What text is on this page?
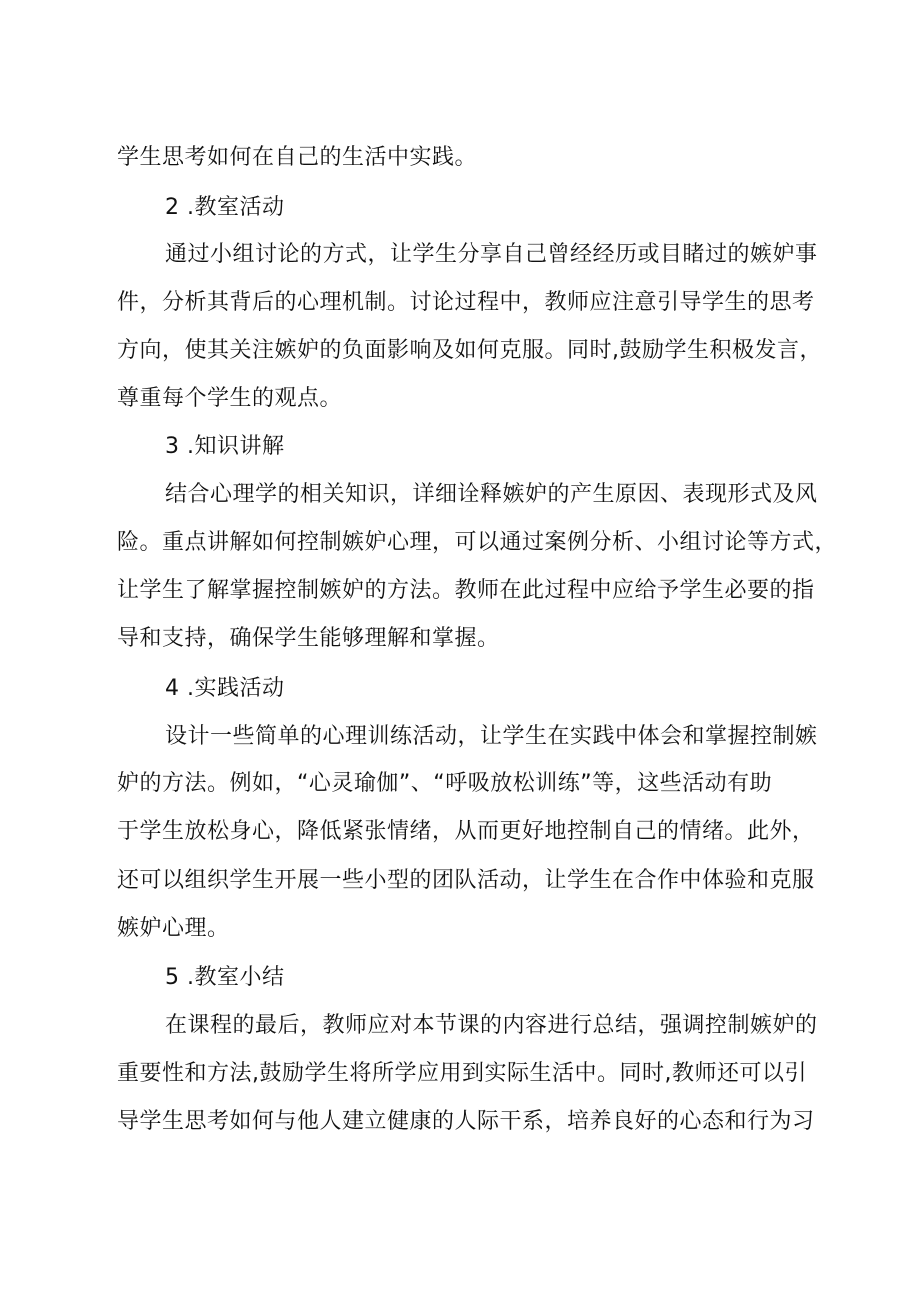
学生思考如何在自己的生活中实践。
2 .教室活动
通过小组讨论的方式，让学生分享自己曾经经历或目睹过的嫉妒事
件，分析其背后的心理机制。讨论过程中，教师应注意引导学生的思考
方向，使其关注嫉妒的负面影响及如何克服。同时,鼓励学生积极发言，
尊重每个学生的观点。
3 .知识讲解
结合心理学的相关知识，详细诠释嫉妒的产生原因、表现形式及风
险。重点讲解如何控制嫉妒心理，可以通过案例分析、小组讨论等方式，
让学生了解掌握控制嫉妒的方法。教师在此过程中应给予学生必要的指
导和支持，确保学生能够理解和掌握。
4 .实践活动
设计一些简单的心理训练活动，让学生在实践中体会和掌握控制嫉
妒的方法。例如，“心灵瑜伽”、“呼吸放松训练”等，这些活动有助
于学生放松身心，降低紧张情绪，从而更好地控制自己的情绪。此外，
还可以组织学生开展一些小型的团队活动，让学生在合作中体验和克服
嫉妒心理。
5 .教室小结
在课程的最后，教师应对本节课的内容进行总结，强调控制嫉妒的
重要性和方法,鼓励学生将所学应用到实际生活中。同时,教师还可以引
导学生思考如何与他人建立健康的人际干系，培养良好的心态和行为习
